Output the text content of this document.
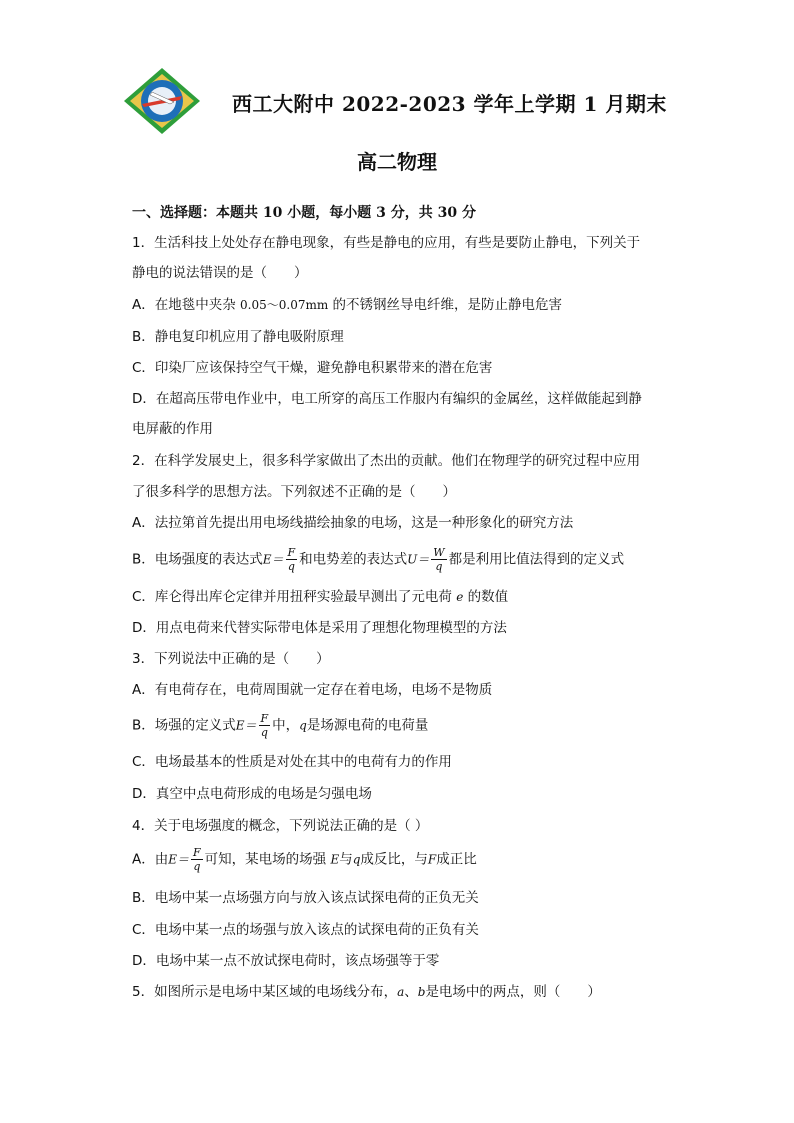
西工大附中 2022-2023 学年上学期 1 月期末
高二物理
一、选择题：本题共 10 小题，每小题 3 分，共 30 分
1．生活科技上处处存在静电现象，有些是静电的应用，有些是要防止静电，下列关于
静电的说法错误的是（　　）
A．在地毯中夹杂 0.05～0.07mm 的不锈钢丝导电纤维，是防止静电危害
B．静电复印机应用了静电吸附原理
C．印染厂应该保持空气干燥，避免静电积累带来的潜在危害
D．在超高压带电作业中，电工所穿的高压工作服内有编织的金属丝，这样做能起到静
电屏蔽的作用
2．在科学发展史上，很多科学家做出了杰出的贡献。他们在物理学的研究过程中应用
了很多科学的思想方法。下列叙述不正确的是（　　）
A．法拉第首先提出用电场线描绘抽象的电场，这是一种形象化的研究方法
B．电场强度的表达式$E= \frac{F}{q}$ 和电势差的表达式$U= \frac{W}{q}$ 都是利用比值法得到的定义式
C．库仑得出库仑定律并用扭秤实验最早测出了元电荷 e 的数值
D．用点电荷来代替实际带电体是采用了理想化物理模型的方法
3．下列说法中正确的是（　　）
A．有电荷存在，电荷周围就一定存在着电场，电场不是物质
B．场强的定义式$E= \frac{F}{q}$ 中，q是场源电荷的电荷量
C．电场最基本的性质是对处在其中的电荷有力的作用
D．真空中点电荷形成的电场是匀强电场
4．关于电场强度的概念，下列说法正确的是（ ）
A．由$E= \frac{F}{q}$ 可知，某电场的场强 E与q成反比，与F成正比
B．电场中某一点场强方向与放入该点试探电荷的正负无关
C．电场中某一点的场强与放入该点的试探电荷的正负有关
D．电场中某一点不放试探电荷时，该点场强等于零
5．如图所示是电场中某区域的电场线分布，a、b是电场中的两点，则（　　）
